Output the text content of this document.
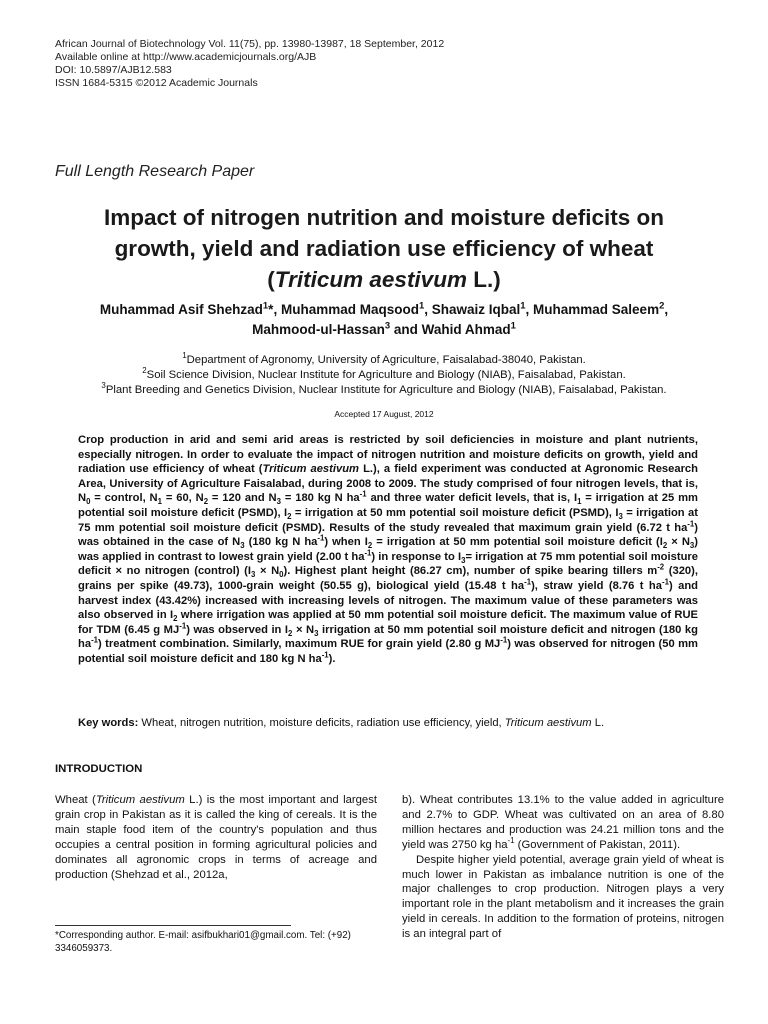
African Journal of Biotechnology Vol. 11(75), pp. 13980-13987, 18 September, 2012
Available online at http://www.academicjournals.org/AJB
DOI: 10.5897/AJB12.583
ISSN 1684-5315 ©2012 Academic Journals
Full Length Research Paper
Impact of nitrogen nutrition and moisture deficits on
growth, yield and radiation use efficiency of wheat
(Triticum aestivum L.)
Muhammad Asif Shehzad$^1$*, Muhammad Maqsood$^1$, Shawaiz Iqbal$^1$, Muhammad Saleem$^2$,
Mahmood-ul-Hassan$^3$ and Wahid Ahmad$^1$
$^1$Department of Agronomy, University of Agriculture, Faisalabad-38040, Pakistan.
$^2$Soil Science Division, Nuclear Institute for Agriculture and Biology (NIAB), Faisalabad, Pakistan.
$^3$Plant Breeding and Genetics Division, Nuclear Institute for Agriculture and Biology (NIAB), Faisalabad, Pakistan.
Accepted 17 August, 2012
Crop production in arid and semi arid areas is restricted by soil deficiencies in moisture and plant nutrients, especially nitrogen. In order to evaluate the impact of nitrogen nutrition and moisture deficits on growth, yield and radiation use efficiency of wheat (Triticum aestivum L.), a field experiment was conducted at Agronomic Research Area, University of Agriculture Faisalabad, during 2008 to 2009. The study comprised of four nitrogen levels, that is, $N_0$ = control, $N_1 = 60$, $N_2 = 120$ and $N_3 = 180$ kg N $ha^{-1}$ and three water deficit levels, that is, $I_1$ = irrigation at 25 mm potential soil moisture deficit (PSMD), $I_2$ = irrigation at 50 mm potential soil moisture deficit (PSMD), $I_3$ = irrigation at 75 mm potential soil moisture deficit (PSMD). Results of the study revealed that maximum grain yield (6.72 t $ha^{-1}$) was obtained in the case of $N_3$ (180 kg N $ha^{-1}$) when $I_2$ = irrigation at 50 mm potential soil moisture deficit $(I_2 \times N_3)$ was applied in contrast to lowest grain yield (2.00 t $ha^{-1}$) in response to $I_3=$ irrigation at 75 mm potential soil moisture deficit × no nitrogen (control) $(I_3 \times N_0)$. Highest plant height (86.27 cm), number of spike bearing tillers $m^{-2}$ (320), grains per spike (49.73), 1000-grain weight (50.55 g), biological yield (15.48 t $ha^{-1}$), straw yield (8.76 t $ha^{-1}$) and harvest index (43.42%) increased with increasing levels of nitrogen. The maximum value of these parameters was also observed in $I_2$ where irrigation was applied at 50 mm potential soil moisture deficit. The maximum value of RUE for TDM (6.45 g $MJ^{-1}$) was observed in $I_2 \times N_3$ irrigation at 50 mm potential soil moisture deficit and nitrogen (180 kg $ha^{-1}$) treatment combination. Similarly, maximum RUE for grain yield (2.80 g $MJ^{-1}$) was observed for nitrogen (50 mm potential soil moisture deficit and 180 kg N $ha^{-1}$).
Key words: Wheat, nitrogen nutrition, moisture deficits, radiation use efficiency, yield, Triticum aestivum L.
INTRODUCTION

Wheat (Triticum aestivum L.) is the most important and largest grain crop in Pakistan as it is called the king of cereals. It is the main staple food item of the country's population and thus occupies a central position in forming agricultural policies and dominates all agronomic crops in terms of acreage and production (Shehzad et al., 2012a,

b). Wheat contributes 13.1% to the value added in agriculture and 2.7% to GDP. Wheat was cultivated on an area of 8.80 million hectares and production was 24.21 million tons and the yield was 2750 kg $ha^{-1}$ (Government of Pakistan, 2011).

Despite higher yield potential, average grain yield of wheat is much lower in Pakistan as imbalance nutrition is one of the major challenges to crop production. Nitrogen plays a very important role in the plant metabolism and it increases the grain yield in cereals. In addition to the formation of proteins, nitrogen is an integral part of

*Corresponding author. E-mail: asifbukhari01@gmail.com. Tel: (+92) 3346059373.
